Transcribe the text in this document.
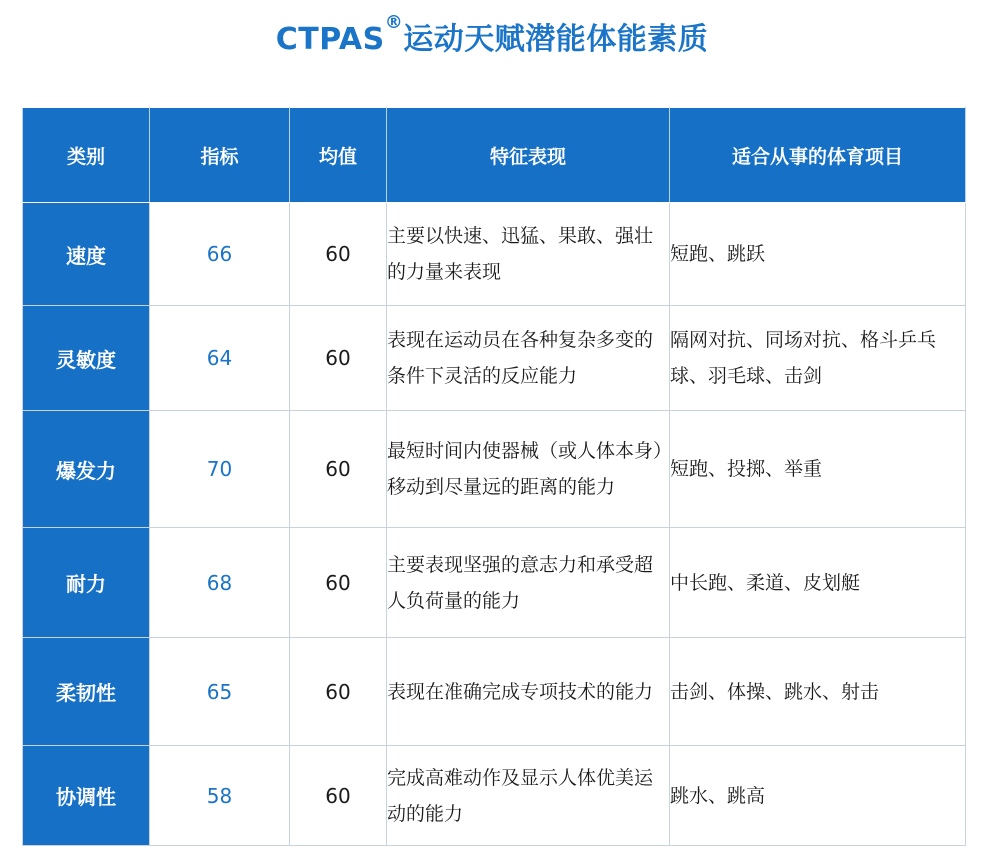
CTPAS®运动天赋潜能体能素质
类别	指标	均值	特征表现	适合从事的体育项目
速度	66	60	主要以快速、迅猛、果敢、强壮的力量来表现	短跑、跳跃
灵敏度	64	60	表现在运动员在各种复杂多变的条件下灵活的反应能力	隔网对抗、同场对抗、格斗乒乓球、羽毛球、击剑
爆发力	70	60	最短时间内使器械（或人体本身）移动到尽量远的距离的能力	短跑、投掷、举重
耐力	68	60	主要表现坚强的意志力和承受超人负荷量的能力	中长跑、柔道、皮划艇
柔韧性	65	60	表现在准确完成专项技术的能力	击剑、体操、跳水、射击
协调性	58	60	完成高难动作及显示人体优美运动的能力	跳水、跳高
